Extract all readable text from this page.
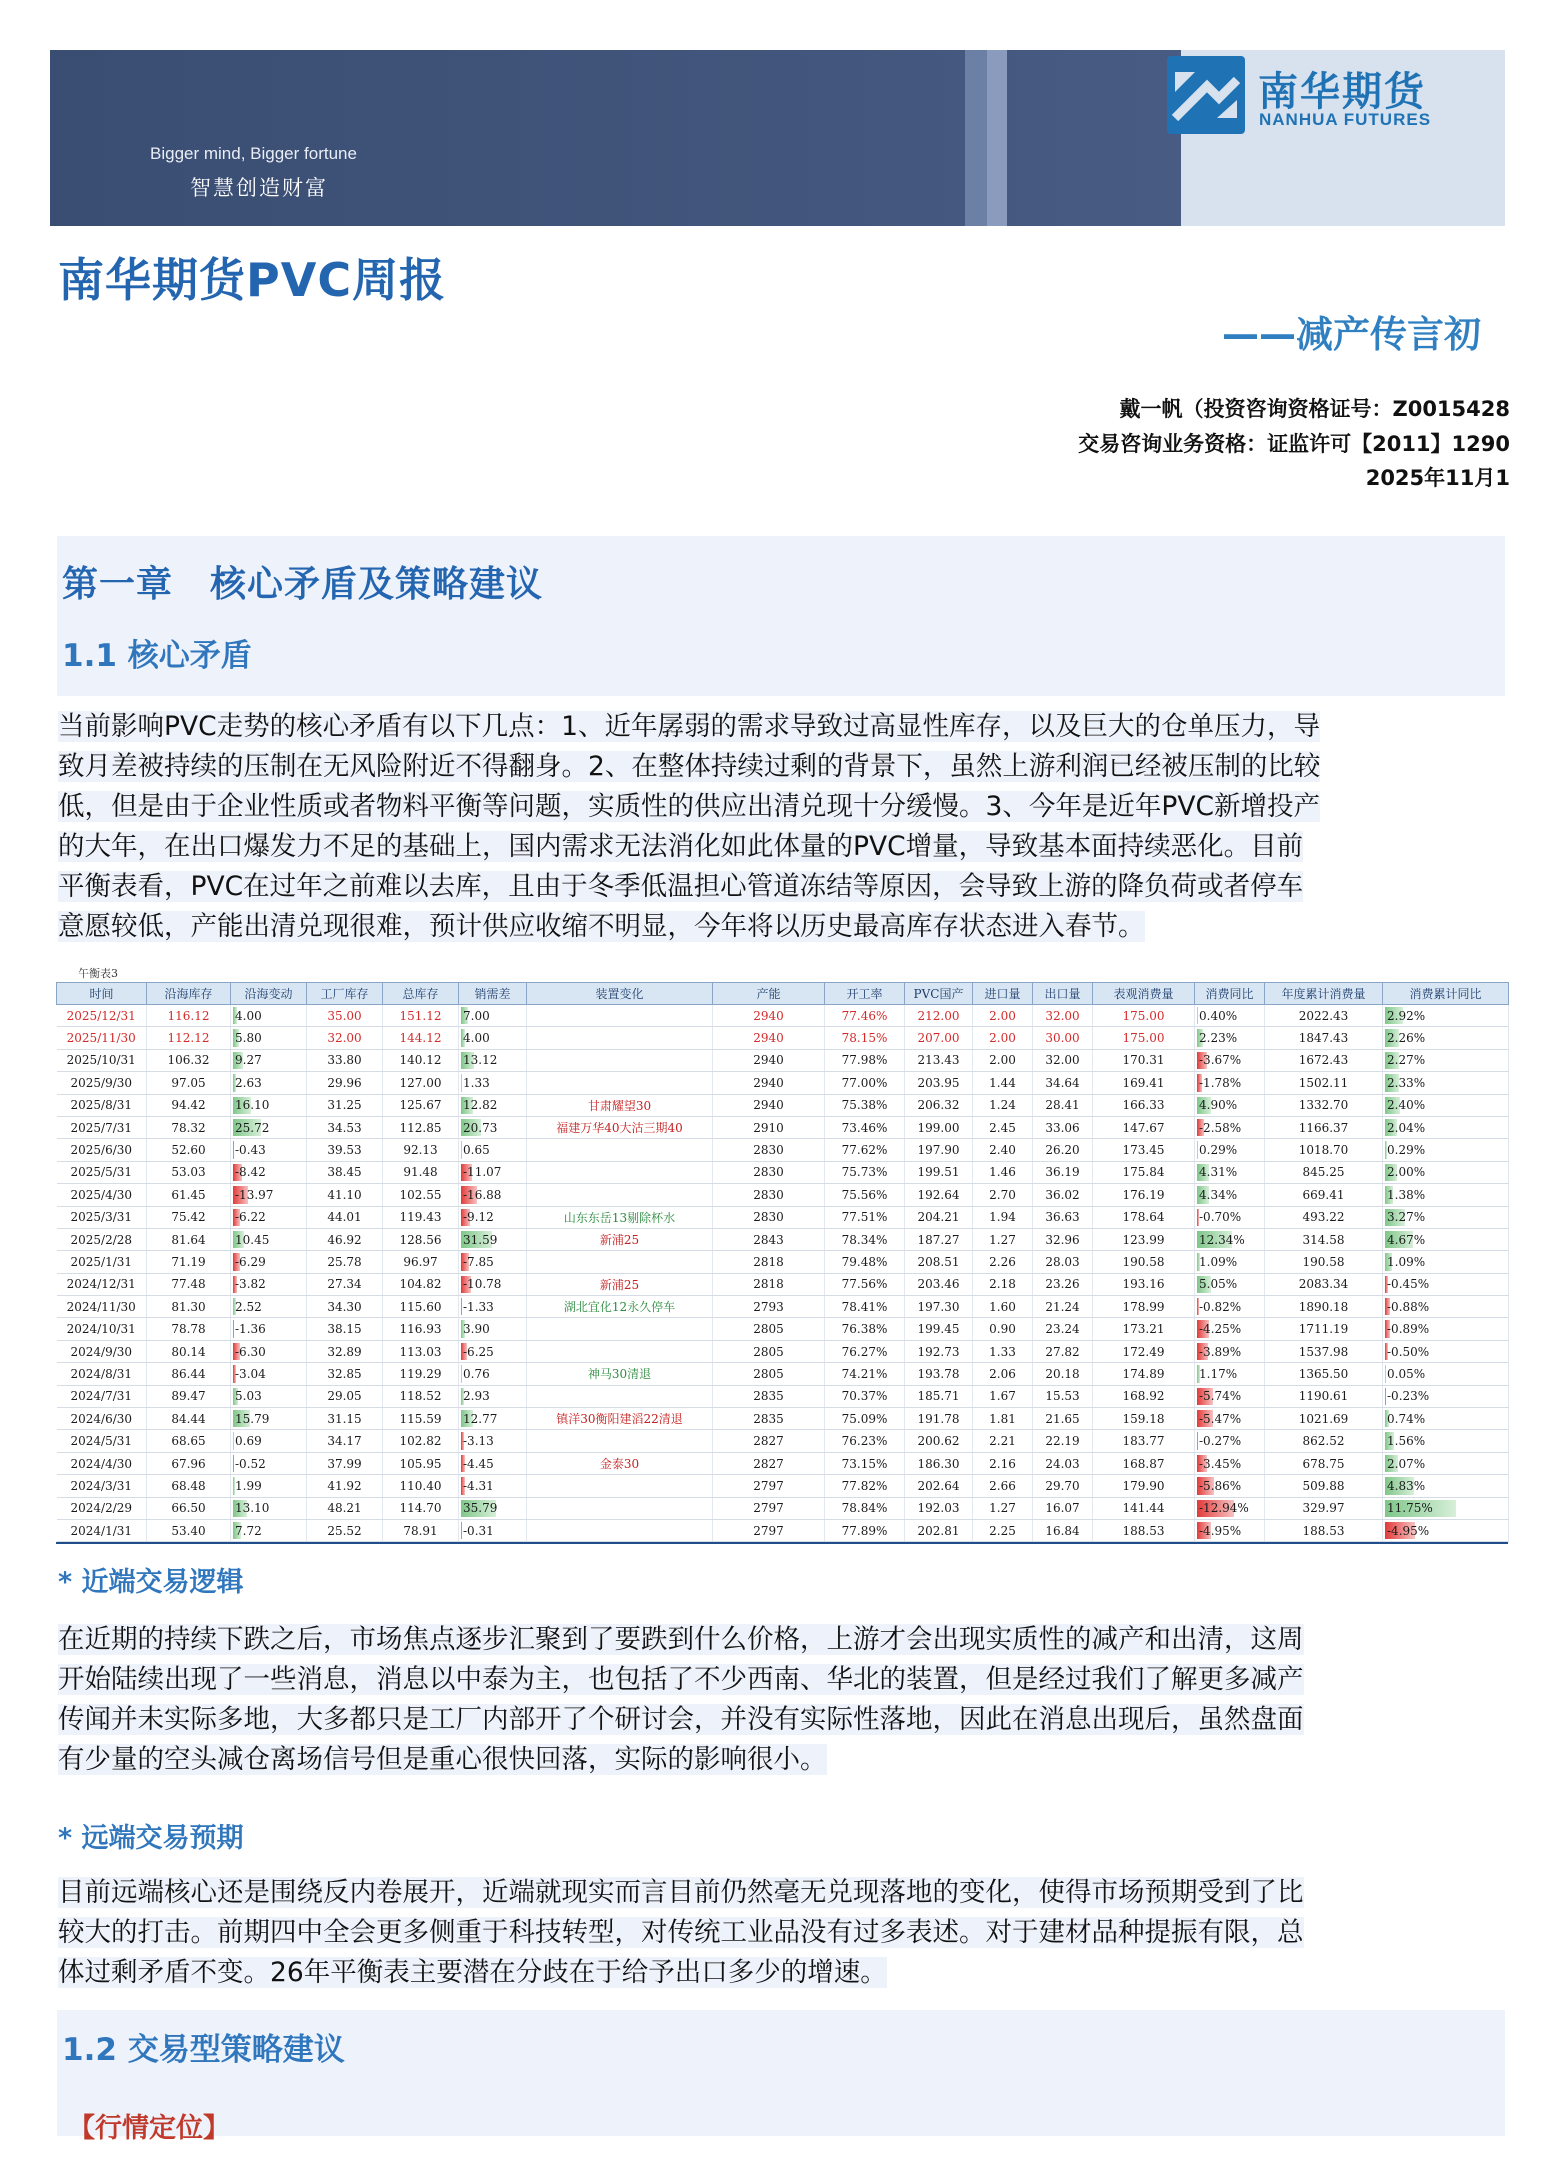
Bigger mind, Bigger fortune
智慧创造财富
南华期货
NANHUA FUTURES
南华期货PVC周报
——减产传言初
戴一帆（投资咨询资格证号：Z0015428
交易咨询业务资格：证监许可【2011】1290
2025年11月1
第一章　核心矛盾及策略建议
1.1 核心矛盾
当前影响PVC走势的核心矛盾有以下几点：1、近年孱弱的需求导致过高显性库存，以及巨大的仓单压力，导
致月差被持续的压制在无风险附近不得翻身。2、在整体持续过剩的背景下，虽然上游利润已经被压制的比较
低，但是由于企业性质或者物料平衡等问题，实质性的供应出清兑现十分缓慢。3、今年是近年PVC新增投产
的大年，在出口爆发力不足的基础上，国内需求无法消化如此体量的PVC增量，导致基本面持续恶化。目前
平衡表看，PVC在过年之前难以去库，且由于冬季低温担心管道冻结等原因，会导致上游的降负荷或者停车
意愿较低，产能出清兑现很难，预计供应收缩不明显，今年将以历史最高库存状态进入春节。
午衡表3
时间	沿海库存	沿海变动	工厂库存	总库存	销需差	装置变化	产能	开工率	PVC国产	进口量	出口量	表观消费量	消费同比	年度累计消费量	消费累计同比
2025/12/31	116.12	4.00	35.00	151.12	7.00		2940	77.46%	212.00	2.00	32.00	175.00	0.40%	2022.43	2.92%
2025/11/30	112.12	5.80	32.00	144.12	4.00		2940	78.15%	207.00	2.00	30.00	175.00	2.23%	1847.43	2.26%
2025/10/31	106.32	9.27	33.80	140.12	13.12		2940	77.98%	213.43	2.00	32.00	170.31	-3.67%	1672.43	2.27%
2025/9/30	97.05	2.63	29.96	127.00	1.33		2940	77.00%	203.95	1.44	34.64	169.41	-1.78%	1502.11	2.33%
2025/8/31	94.42	16.10	31.25	125.67	12.82	甘肃耀望30	2940	75.38%	206.32	1.24	28.41	166.33	4.90%	1332.70	2.40%
2025/7/31	78.32	25.72	34.53	112.85	20.73	福建万华40大沽三期40	2910	73.46%	199.00	2.45	33.06	147.67	-2.58%	1166.37	2.04%
2025/6/30	52.60	-0.43	39.53	92.13	0.65		2830	77.62%	197.90	2.40	26.20	173.45	0.29%	1018.70	0.29%
2025/5/31	53.03	-8.42	38.45	91.48	-11.07		2830	75.73%	199.51	1.46	36.19	175.84	4.31%	845.25	2.00%
2025/4/30	61.45	-13.97	41.10	102.55	-16.88		2830	75.56%	192.64	2.70	36.02	176.19	4.34%	669.41	1.38%
2025/3/31	75.42	-6.22	44.01	119.43	-9.12	山东东岳13剔除杯水	2830	77.51%	204.21	1.94	36.63	178.64	-0.70%	493.22	3.27%
2025/2/28	81.64	10.45	46.92	128.56	31.59	新浦25	2843	78.34%	187.27	1.27	32.96	123.99	12.34%	314.58	4.67%
2025/1/31	71.19	-6.29	25.78	96.97	-7.85		2818	79.48%	208.51	2.26	28.03	190.58	1.09%	190.58	1.09%
2024/12/31	77.48	-3.82	27.34	104.82	-10.78	新浦25	2818	77.56%	203.46	2.18	23.26	193.16	5.05%	2083.34	-0.45%
2024/11/30	81.30	2.52	34.30	115.60	-1.33	湖北宜化12永久停车	2793	78.41%	197.30	1.60	21.24	178.99	-0.82%	1890.18	-0.88%
2024/10/31	78.78	-1.36	38.15	116.93	3.90		2805	76.38%	199.45	0.90	23.24	173.21	-4.25%	1711.19	-0.89%
2024/9/30	80.14	-6.30	32.89	113.03	-6.25		2805	76.27%	192.73	1.33	27.82	172.49	-3.89%	1537.98	-0.50%
2024/8/31	86.44	-3.04	32.85	119.29	0.76	神马30清退	2805	74.21%	193.78	2.06	20.18	174.89	1.17%	1365.50	0.05%
2024/7/31	89.47	5.03	29.05	118.52	2.93		2835	70.37%	185.71	1.67	15.53	168.92	-5.74%	1190.61	-0.23%
2024/6/30	84.44	15.79	31.15	115.59	12.77	镇洋30衡阳建滔22清退	2835	75.09%	191.78	1.81	21.65	159.18	-5.47%	1021.69	0.74%
2024/5/31	68.65	0.69	34.17	102.82	-3.13		2827	76.23%	200.62	2.21	22.19	183.77	-0.27%	862.52	1.56%
2024/4/30	67.96	-0.52	37.99	105.95	-4.45	金泰30	2827	73.15%	186.30	2.16	24.03	168.87	-3.45%	678.75	2.07%
2024/3/31	68.48	1.99	41.92	110.40	-4.31		2797	77.82%	202.64	2.66	29.70	179.90	-5.86%	509.88	4.83%
2024/2/29	66.50	13.10	48.21	114.70	35.79		2797	78.84%	192.03	1.27	16.07	141.44	-12.94%	329.97	11.75%
2024/1/31	53.40	7.72	25.52	78.91	-0.31		2797	77.89%	202.81	2.25	16.84	188.53	-4.95%	188.53	-4.95%
* 近端交易逻辑
在近期的持续下跌之后，市场焦点逐步汇聚到了要跌到什么价格，上游才会出现实质性的减产和出清，这周
开始陆续出现了一些消息，消息以中泰为主，也包括了不少西南、华北的装置，但是经过我们了解更多减产
传闻并未实际多地，大多都只是工厂内部开了个研讨会，并没有实际性落地，因此在消息出现后，虽然盘面
有少量的空头减仓离场信号但是重心很快回落，实际的影响很小。
* 远端交易预期
目前远端核心还是围绕反内卷展开，近端就现实而言目前仍然毫无兑现落地的变化，使得市场预期受到了比
较大的打击。前期四中全会更多侧重于科技转型，对传统工业品没有过多表述。对于建材品种提振有限，总
体过剩矛盾不变。26年平衡表主要潜在分歧在于给予出口多少的增速。
1.2 交易型策略建议
【行情定位】
